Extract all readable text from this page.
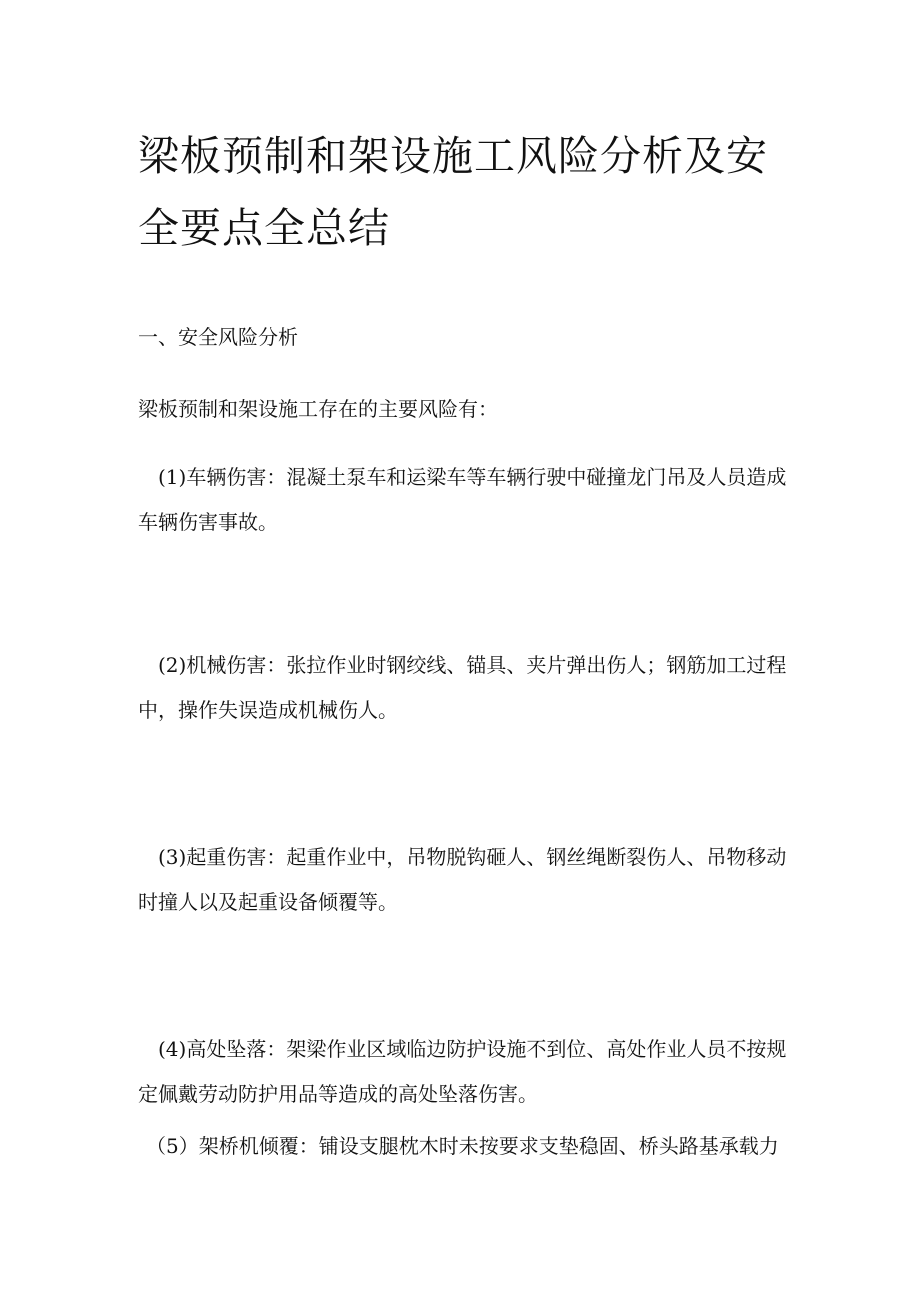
梁板预制和架设施工风险分析及安
全要点全总结
一、安全风险分析

梁板预制和架设施工存在的主要风险有：

(1)车辆伤害：混凝土泵车和运梁车等车辆行驶中碰撞龙门吊及人员造成
车辆伤害事故。

(2)机械伤害：张拉作业时钢绞线、锚具、夹片弹出伤人；钢筋加工过程
中，操作失误造成机械伤人。

(3)起重伤害：起重作业中，吊物脱钩砸人、钢丝绳断裂伤人、吊物移动
时撞人以及起重设备倾覆等。

(4)高处坠落：架梁作业区域临边防护设施不到位、高处作业人员不按规
定佩戴劳动防护用品等造成的高处坠落伤害。

（5）架桥机倾覆：铺设支腿枕木时未按要求支垫稳固、桥头路基承载力
